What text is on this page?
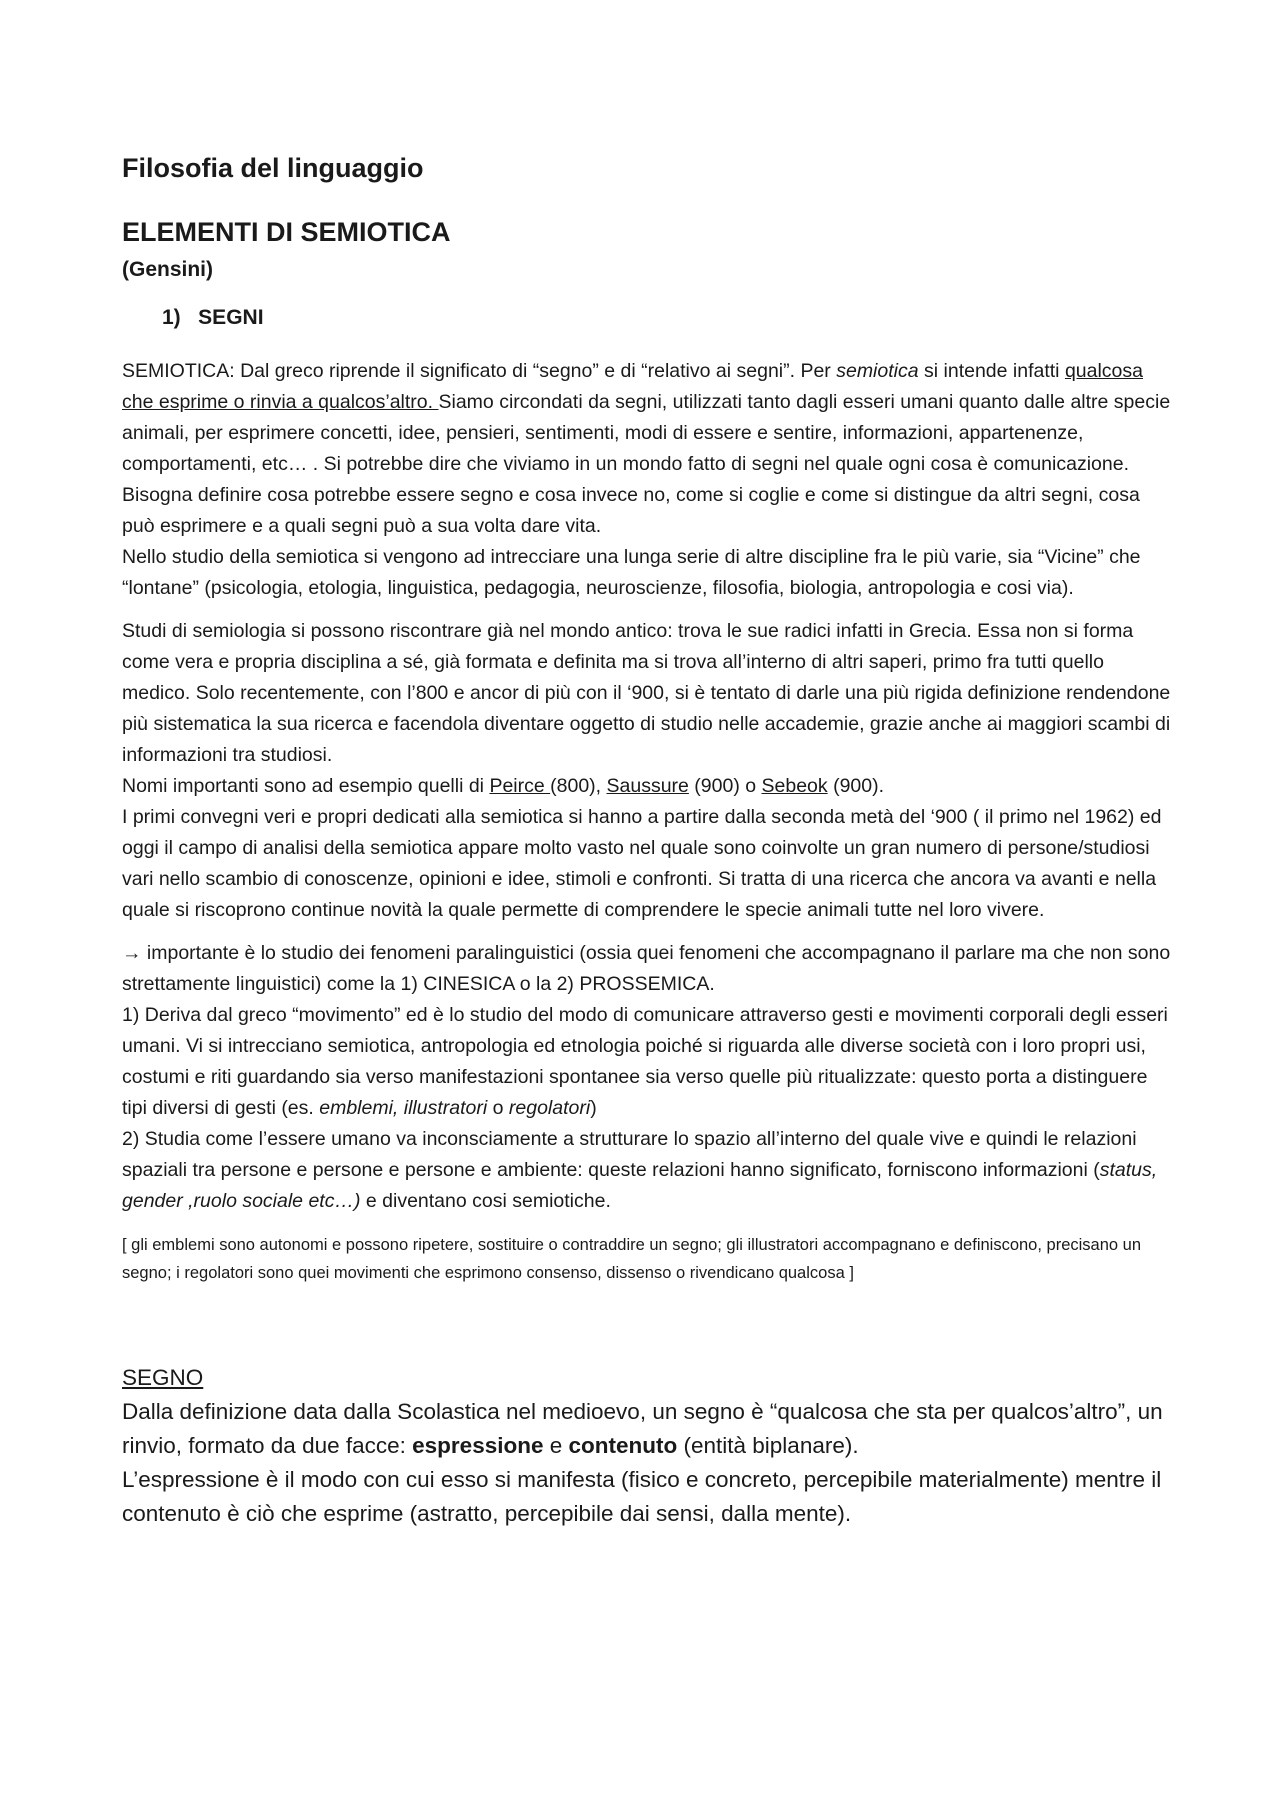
Filosofia del linguaggio
ELEMENTI DI SEMIOTICA
(Gensini)
1)   SEGNI

SEMIOTICA: Dal greco riprende il significato di “segno” e di “relativo ai segni”. Per semiotica si intende infatti qualcosa che esprime o rinvia a qualcos’altro. Siamo circondati da segni, utilizzati tanto dagli esseri umani quanto dalle altre specie animali, per esprimere concetti, idee, pensieri, sentimenti, modi di essere e sentire, informazioni, appartenenze, comportamenti, etc… . Si potrebbe dire che viviamo in un mondo fatto di segni nel quale ogni cosa è comunicazione.
Bisogna definire cosa potrebbe essere segno e cosa invece no, come si coglie e come si distingue da altri segni, cosa può esprimere e a quali segni può a sua volta dare vita.
Nello studio della semiotica si vengono ad intrecciare una lunga serie di altre discipline fra le più varie, sia “Vicine” che “lontane” (psicologia, etologia, linguistica, pedagogia, neuroscienze, filosofia, biologia, antropologia e cosi via).

Studi di semiologia si possono riscontrare già nel mondo antico: trova le sue radici infatti in Grecia. Essa non si forma come vera e propria disciplina a sé, già formata e definita ma si trova all’interno di altri saperi, primo fra tutti quello medico. Solo recentemente, con l’800 e ancor di più con il ‘900, si è tentato di darle una più rigida definizione rendendone più sistematica la sua ricerca e facendola diventare oggetto di studio nelle accademie, grazie anche ai maggiori scambi di informazioni tra studiosi.
Nomi importanti sono ad esempio quelli di Peirce (800), Saussure (900) o Sebeok (900).
I primi convegni veri e propri dedicati alla semiotica si hanno a partire dalla seconda metà del ‘900 ( il primo nel 1962) ed oggi il campo di analisi della semiotica appare molto vasto nel quale sono coinvolte un gran numero di persone/studiosi vari nello scambio di conoscenze, opinioni e idee, stimoli e confronti. Si tratta di una ricerca che ancora va avanti e nella quale si riscoprono continue novità la quale permette di comprendere le specie animali tutte nel loro vivere.

→ importante è lo studio dei fenomeni paralinguistici (ossia quei fenomeni che accompagnano il parlare ma che non sono strettamente linguistici) come la 1) CINESICA o la 2) PROSSEMICA.
1) Deriva dal greco “movimento” ed è lo studio del modo di comunicare attraverso gesti e movimenti corporali degli esseri umani. Vi si intrecciano semiotica, antropologia ed etnologia poiché si riguarda alle diverse società con i loro propri usi, costumi e riti guardando sia verso manifestazioni spontanee sia verso quelle più ritualizzate: questo porta a distinguere tipi diversi di gesti (es. emblemi, illustratori o regolatori)
2) Studia come l’essere umano va inconsciamente a strutturare lo spazio all’interno del quale vive e quindi le relazioni spaziali tra persone e persone e persone e ambiente: queste relazioni hanno significato, forniscono informazioni (status, gender ,ruolo sociale etc…) e diventano cosi semiotiche.

[ gli emblemi sono autonomi e possono ripetere, sostituire o contraddire un segno; gli illustratori accompagnano e definiscono, precisano un segno; i regolatori sono quei movimenti che esprimono consenso, dissenso o rivendicano qualcosa ]

SEGNO

Dalla definizione data dalla Scolastica nel medioevo, un segno è “qualcosa che sta per qualcos’altro”, un rinvio, formato da due facce: espressione e contenuto (entità biplanare).
L’espressione è il modo con cui esso si manifesta (fisico e concreto, percepibile materialmente) mentre il contenuto è ciò che esprime (astratto, percepibile dai sensi, dalla mente).
